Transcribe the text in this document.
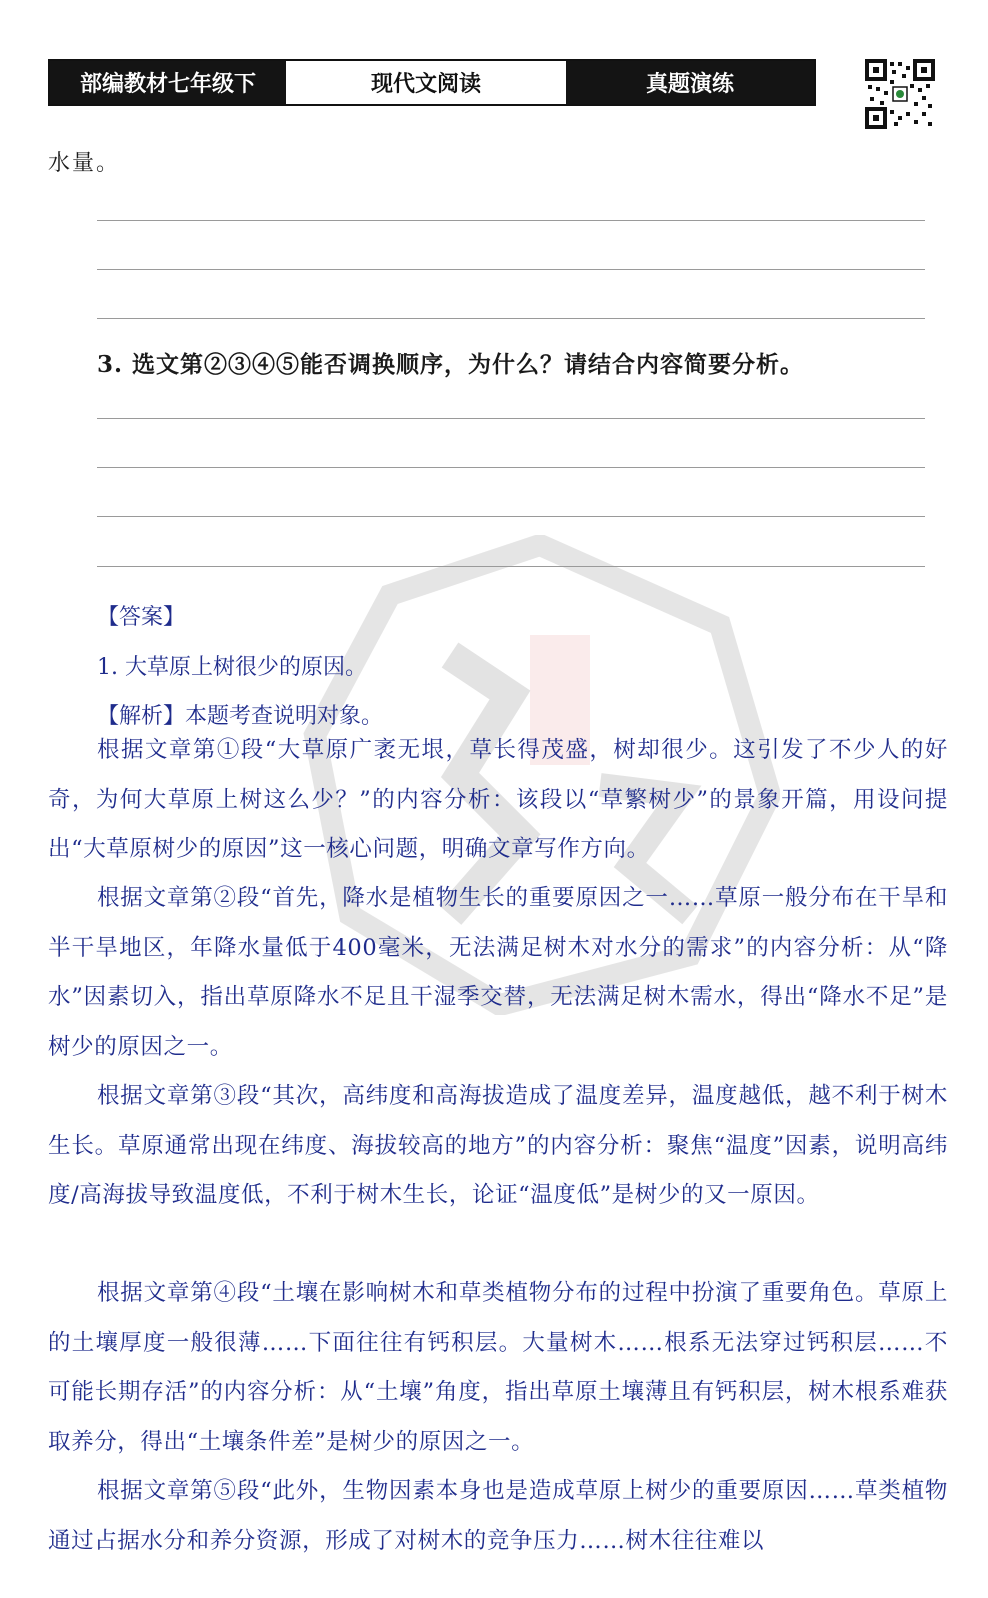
部编教材七年级下	现代文阅读	真题演练
水量。
3. 选文第②③④⑤能否调换顺序，为什么？请结合内容简要分析。
【答案】
1. 大草原上树很少的原因。
【解析】本题考查说明对象。

根据文章第①段“大草原广袤无垠，草长得茂盛，树却很少。这引发了不少人的好奇，为何大草原上树这么少？”的内容分析：该段以“草繁树少”的景象开篇，用设问提出“大草原树少的原因”这一核心问题，明确文章写作方向。

根据文章第②段“首先，降水是植物生长的重要原因之一……草原一般分布在干旱和半干旱地区，年降水量低于400毫米，无法满足树木对水分的需求”的内容分析：从“降水”因素切入，指出草原降水不足且干湿季交替，无法满足树木需水，得出“降水不足”是树少的原因之一。

根据文章第③段“其次，高纬度和高海拔造成了温度差异，温度越低，越不利于树木生长。草原通常出现在纬度、海拔较高的地方”的内容分析：聚焦“温度”因素，说明高纬度/高海拔导致温度低，不利于树木生长，论证“温度低”是树少的又一原因。

根据文章第④段“土壤在影响树木和草类植物分布的过程中扮演了重要角色。草原上的土壤厚度一般很薄……下面往往有钙积层。大量树木……根系无法穿过钙积层……不可能长期存活”的内容分析：从“土壤”角度，指出草原土壤薄且有钙积层，树木根系难获取养分，得出“土壤条件差”是树少的原因之一。

根据文章第⑤段“此外，生物因素本身也是造成草原上树少的重要原因……草类植物通过占据水分和养分资源，形成了对树木的竞争压力……树木往往难以
